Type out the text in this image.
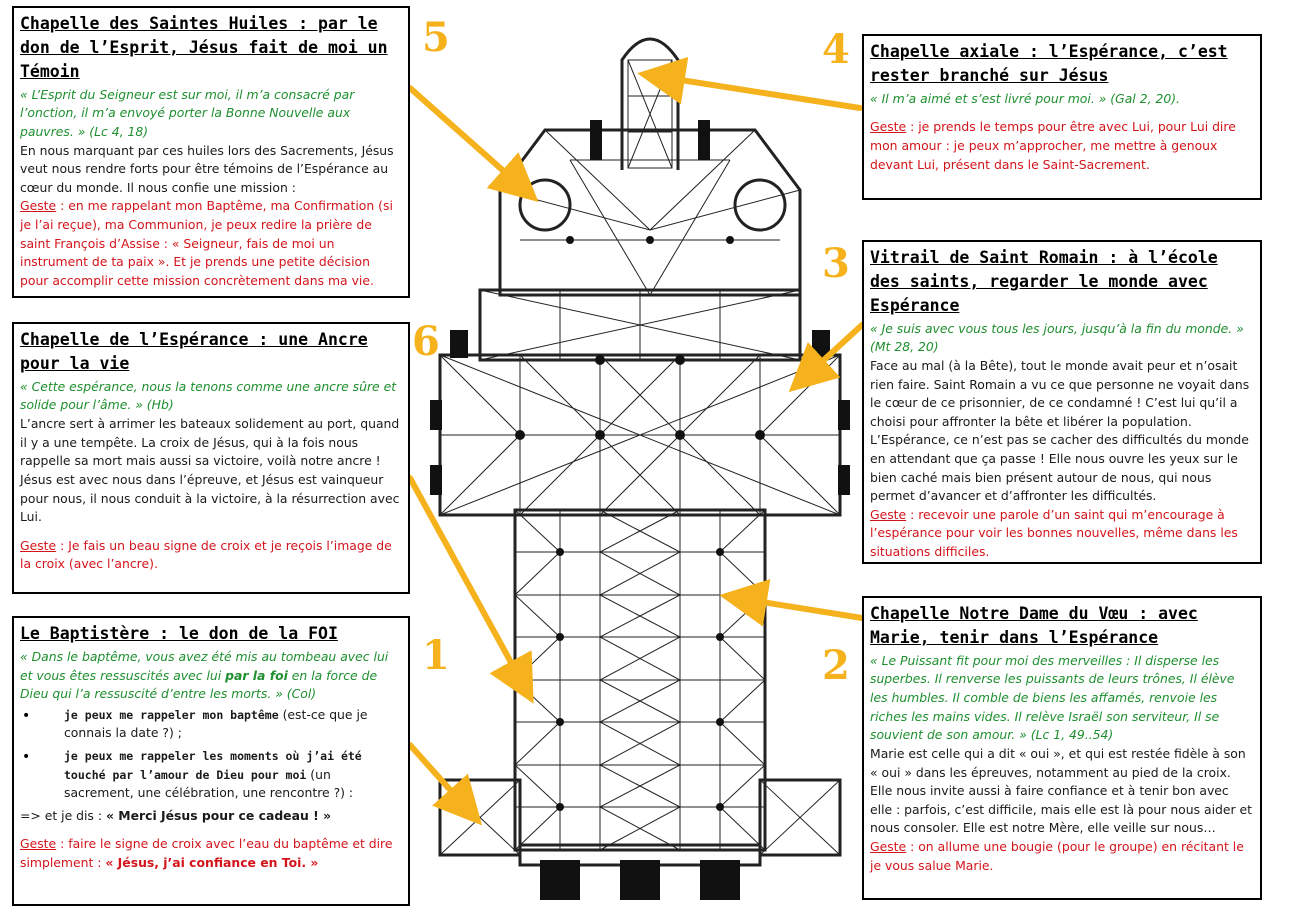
5	4
3
6
1	2
Chapelle des Saintes Huiles : par le don de l’Esprit, Jésus fait de moi un Témoin

« L’Esprit du Seigneur est sur moi, il m’a consacré par l’onction, il m’a envoyé porter la Bonne Nouvelle aux pauvres. » (Lc 4, 18)

En nous marquant par ces huiles lors des Sacrements, Jésus veut nous rendre forts pour être témoins de l’Espérance au cœur du monde. Il nous confie une mission :

Geste : en me rappelant mon Baptême, ma Confirmation (si je l’ai reçue), ma Communion, je peux redire la prière de saint François d’Assise : « Seigneur, fais de moi un instrument de ta paix ». Et je prends une petite décision pour accomplir cette mission concrètement dans ma vie.

Chapelle axiale : l’Espérance, c’est rester branché sur Jésus

« Il m’a aimé et s’est livré pour moi. » (Gal 2, 20).

Geste : je prends le temps pour être avec Lui, pour Lui dire mon amour : je peux m’approcher, me mettre à genoux devant Lui, présent dans le Saint-Sacrement.

Vitrail de Saint Romain : à l’école des saints, regarder le monde avec Espérance

« Je suis avec vous tous les jours, jusqu’à la fin du monde. » (Mt 28, 20)

Face au mal (à la Bête), tout le monde avait peur et n’osait rien faire. Saint Romain a vu ce que personne ne voyait dans le cœur de ce prisonnier, de ce condamné ! C’est lui qu’il a choisi pour affronter la bête et libérer la population. L’Espérance, ce n’est pas se cacher des difficultés du monde en attendant que ça passe ! Elle nous ouvre les yeux sur le bien caché mais bien présent autour de nous, qui nous permet d’avancer et d’affronter les difficultés.

Geste : recevoir une parole d’un saint qui m’encourage à l’espérance pour voir les bonnes nouvelles, même dans les situations difficiles.

Chapelle de l’Espérance : une Ancre pour la vie

« Cette espérance, nous la tenons comme une ancre sûre et solide pour l’âme. » (Hb)

L’ancre sert à arrimer les bateaux solidement au port, quand il y a une tempête. La croix de Jésus, qui à la fois nous rappelle sa mort mais aussi sa victoire, voilà notre ancre ! Jésus est avec nous dans l’épreuve, et Jésus est vainqueur pour nous, il nous conduit à la victoire, à la résurrection avec Lui.

Geste : Je fais un beau signe de croix et je reçois l’image de la croix (avec l’ancre).

Le Baptistère : le don de la FOI

« Dans le baptême, vous avez été mis au tombeau avec lui et vous êtes ressuscités avec lui par la foi en la force de Dieu qui l’a ressuscité d’entre les morts. » (Col)

• je peux me rappeler mon baptême (est-ce que je connais la date ?) ;
• je peux me rappeler les moments où j’ai été touché par l’amour de Dieu pour moi (un sacrement, une célébration, une rencontre ?) :

=> et je dis : « Merci Jésus pour ce cadeau ! »

Geste : faire le signe de croix avec l’eau du baptême et dire simplement : « Jésus, j’ai confiance en Toi. »

Chapelle Notre Dame du Vœu : avec Marie, tenir dans l’Espérance

« Le Puissant fit pour moi des merveilles : Il disperse les superbes. Il renverse les puissants de leurs trônes, Il élève les humbles. Il comble de biens les affamés, renvoie les riches les mains vides. Il relève Israël son serviteur, Il se souvient de son amour. » (Lc 1, 49..54)

Marie est celle qui a dit « oui », et qui est restée fidèle à son « oui » dans les épreuves, notamment au pied de la croix. Elle nous invite aussi à faire confiance et à tenir bon avec elle : parfois, c’est difficile, mais elle est là pour nous aider et nous consoler. Elle est notre Mère, elle veille sur nous…

Geste : on allume une bougie (pour le groupe) en récitant le je vous salue Marie.
